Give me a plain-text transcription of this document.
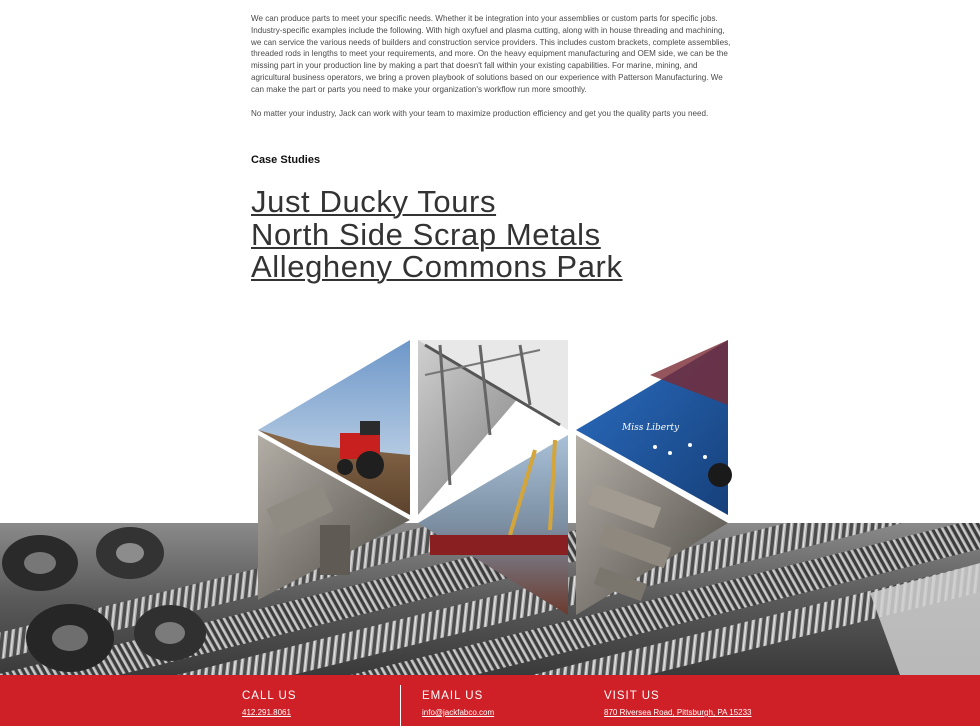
We can produce parts to meet your specific needs. Whether it be integration into your assemblies or custom parts for specific jobs. Industry-specific examples include the following. With high oxyfuel and plasma cutting, along with in house threading and machining, we can service the various needs of builders and construction service providers. This includes custom brackets, complete assemblies, threaded rods in lengths to meet your requirements, and more. On the heavy equipment manufacturing and OEM side, we can be the missing part in your production line by making a part that doesn't fall within your existing capabilities. For marine, mining, and agricultural business operators, we bring a proven playbook of solutions based on our experience with Patterson Manufacturing. We can make the part or parts you need to make your organization's workflow run more smoothly.

No matter your industry, Jack can work with your team to maximize production efficiency and get you the quality parts you need.

Case Studies
Just Ducky Tours
North Side Scrap Metals
Allegheny Commons Park
Miss Liberty
CALL US
412.291.8061
EMAIL US
info@jackfabco.com
VISIT US
870 Riversea Road, Pittsburgh, PA 15233
